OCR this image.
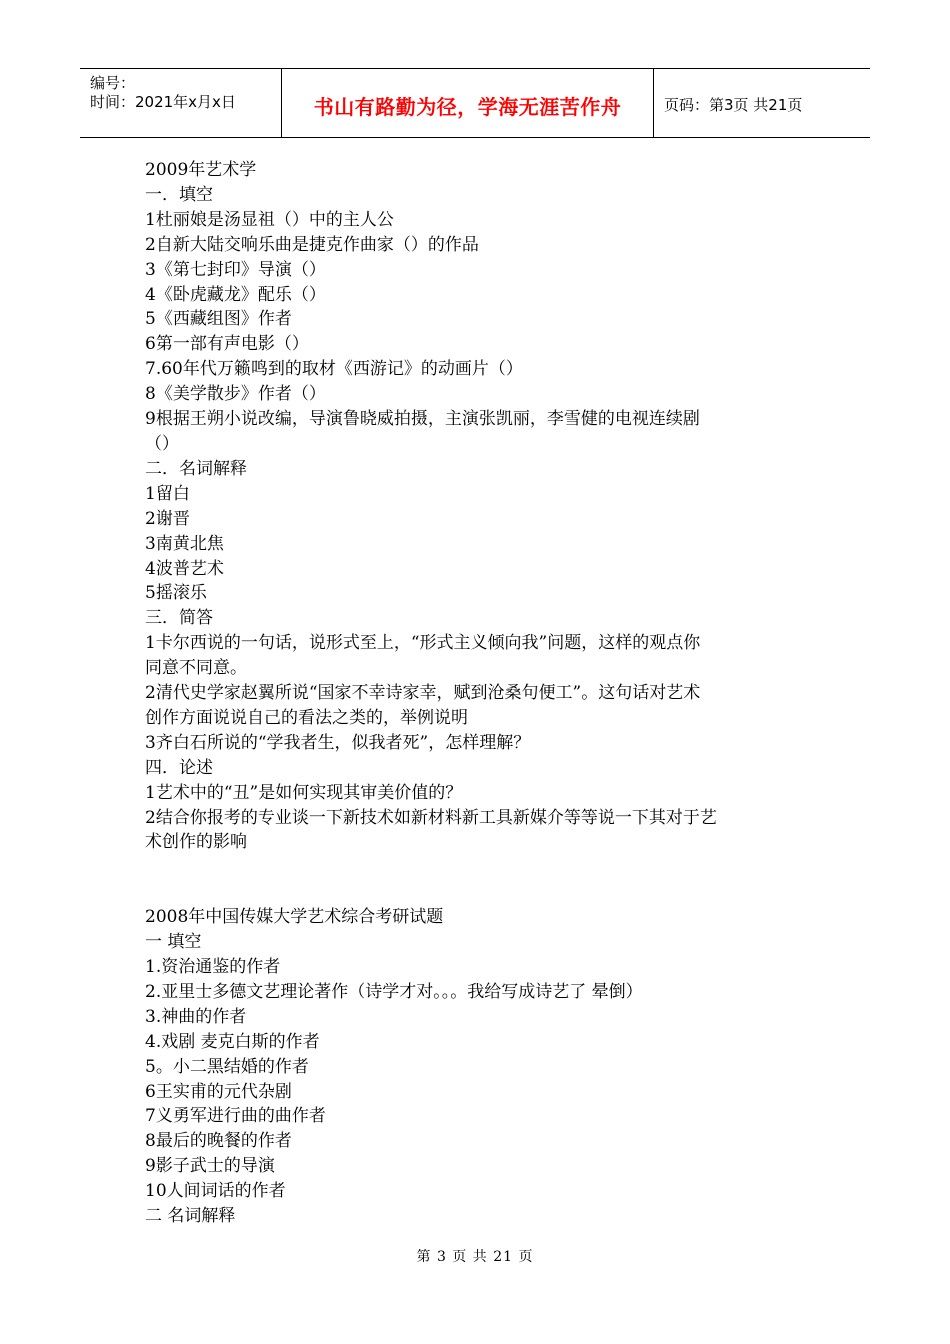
编号：
时间：2021年x月x日	书山有路勤为径，学海无涯苦作舟	页码：第3页 共21页

2009年艺术学

一．填空

1杜丽娘是汤显祖（）中的主人公

2自新大陆交响乐曲是捷克作曲家（）的作品

3《第七封印》导演（）

4《卧虎藏龙》配乐（）

5《西藏组图》作者

6第一部有声电影（）

7.60年代万籁鸣到的取材《西游记》的动画片（）

8《美学散步》作者（）

9根据王朔小说改编，导演鲁晓威拍摄，主演张凯丽，李雪健的电视连续剧

（）

二．名词解释

1留白

2谢晋

3南黄北焦

4波普艺术

5摇滚乐

三．简答

1卡尔西说的一句话，说形式至上，“形式主义倾向我”问题，这样的观点你

同意不同意。

2清代史学家赵翼所说“国家不幸诗家幸，赋到沧桑句便工”。这句话对艺术

创作方面说说自己的看法之类的，举例说明

3齐白石所说的“学我者生，似我者死”，怎样理解？

四．论述

1艺术中的“丑”是如何实现其审美价值的？

2结合你报考的专业谈一下新技术如新材料新工具新媒介等等说一下其对于艺

术创作的影响

2008年中国传媒大学艺术综合考研试题

一 填空

1.资治通鉴的作者

2.亚里士多德文艺理论著作（诗学才对。。。我给写成诗艺了 晕倒）

3.神曲的作者

4.戏剧 麦克白斯的作者

5。小二黑结婚的作者

6王实甫的元代杂剧

7义勇军进行曲的曲作者

8最后的晚餐的作者

9影子武士的导演

10人间词话的作者

二 名词解释

第 3 页 共 21 页
